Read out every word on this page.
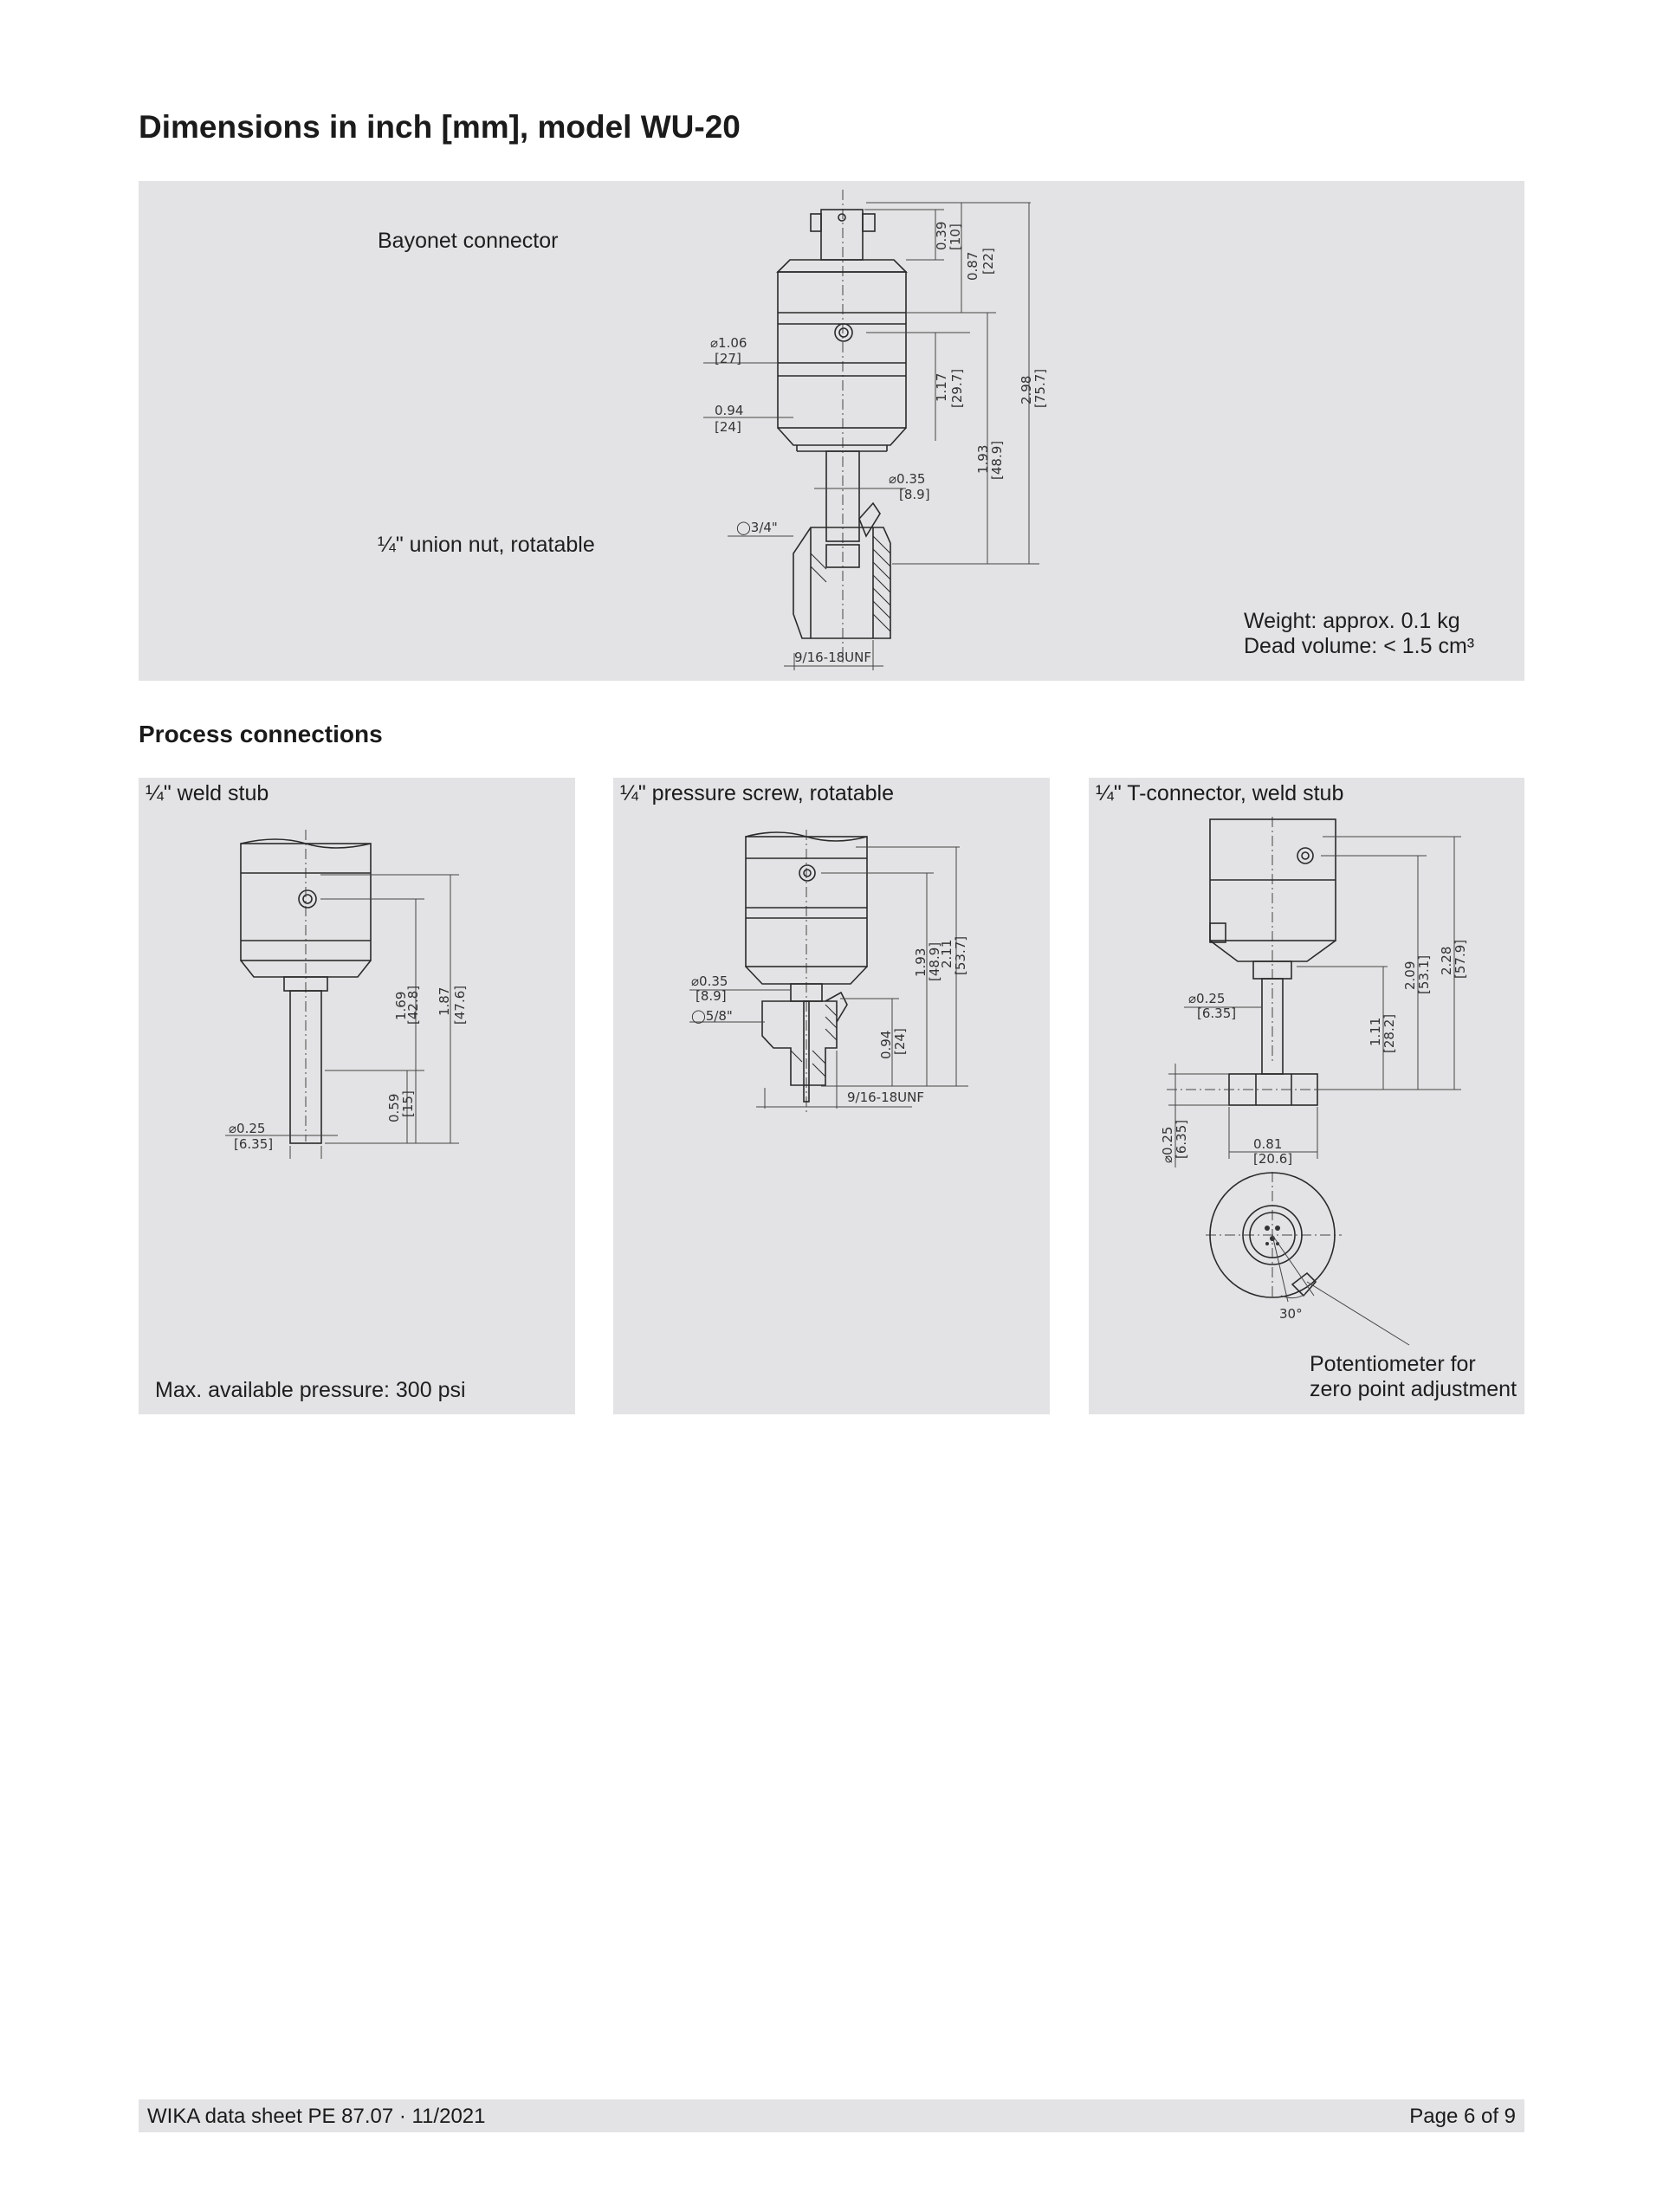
Dimensions in inch [mm], model WU-20
Bayonet connector
¼" union nut, rotatable
Weight: approx. 0.1 kg
Dead volume: < 1.5 cm³
0.39
[10]
0.87 [22]
1.17 [29.7]
1.93
[48.9]
2.98
[75.7]
⌀1.06
[27]
0.94
[24]
⌀0.35
[8.9]
◯3/4"
9/16-18UNF
Process connections
¼" weld stub
Max. available pressure: 300 psi
1.69
[42.8] 1.87 [47.6]
0.59
[15]
⌀0.25
[6.35]
¼" pressure screw, rotatable
0.94
[24]
1.93
[48.9]
2.11
[53.7]
⌀0.35
[8.9]
◯5/8"
9/16-18UNF
¼" T-connector, weld stub
Potentiometer for
zero point adjustment
1.11
[28.2]
2.09
[53.1] 2.28
[57.9]
⌀0.25
[6.35]
⌀0.25
[6.35]	0.81
[20.6]
30°
WIKA data sheet PE 87.07 · 11/2021	Page 6 of 9
